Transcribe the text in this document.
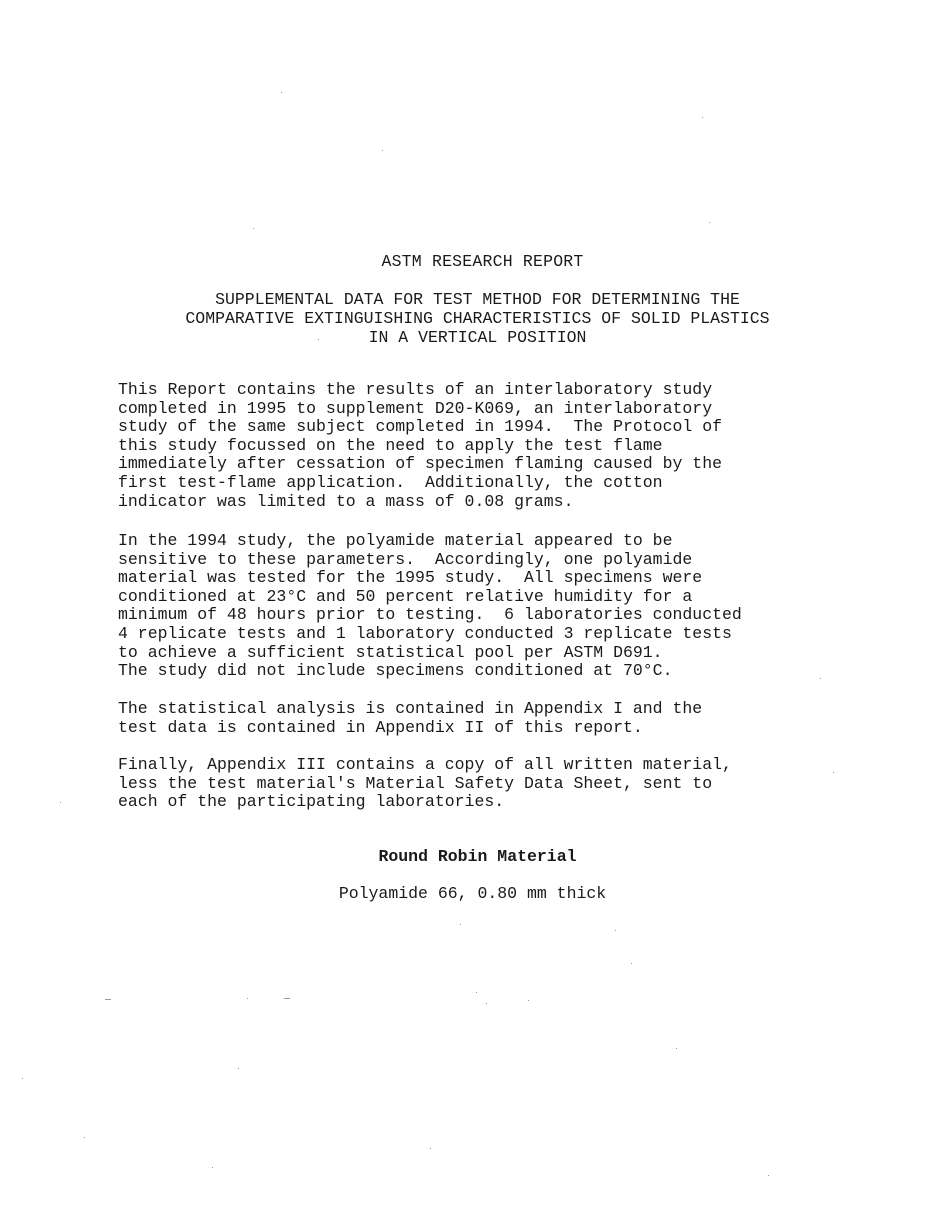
ASTM RESEARCH REPORT
SUPPLEMENTAL DATA FOR TEST METHOD FOR DETERMINING THE
COMPARATIVE EXTINGUISHING CHARACTERISTICS OF SOLID PLASTICS
IN A VERTICAL POSITION
This Report contains the results of an interlaboratory study
completed in 1995 to supplement D20-K069, an interlaboratory
study of the same subject completed in 1994.  The Protocol of
this study focussed on the need to apply the test flame
immediately after cessation of specimen flaming caused by the
first test-flame application.  Additionally, the cotton
indicator was limited to a mass of 0.08 grams.
In the 1994 study, the polyamide material appeared to be
sensitive to these parameters.  Accordingly, one polyamide
material was tested for the 1995 study.  All specimens were
conditioned at 23°C and 50 percent relative humidity for a
minimum of 48 hours prior to testing.  6 laboratories conducted
4 replicate tests and 1 laboratory conducted 3 replicate tests
to achieve a sufficient statistical pool per ASTM D691.
The study did not include specimens conditioned at 70°C.
The statistical analysis is contained in Appendix I and the
test data is contained in Appendix II of this report.
Finally, Appendix III contains a copy of all written material,
less the test material's Material Safety Data Sheet, sent to
each of the participating laboratories.
Round Robin Material
Polyamide 66, 0.80 mm thick
